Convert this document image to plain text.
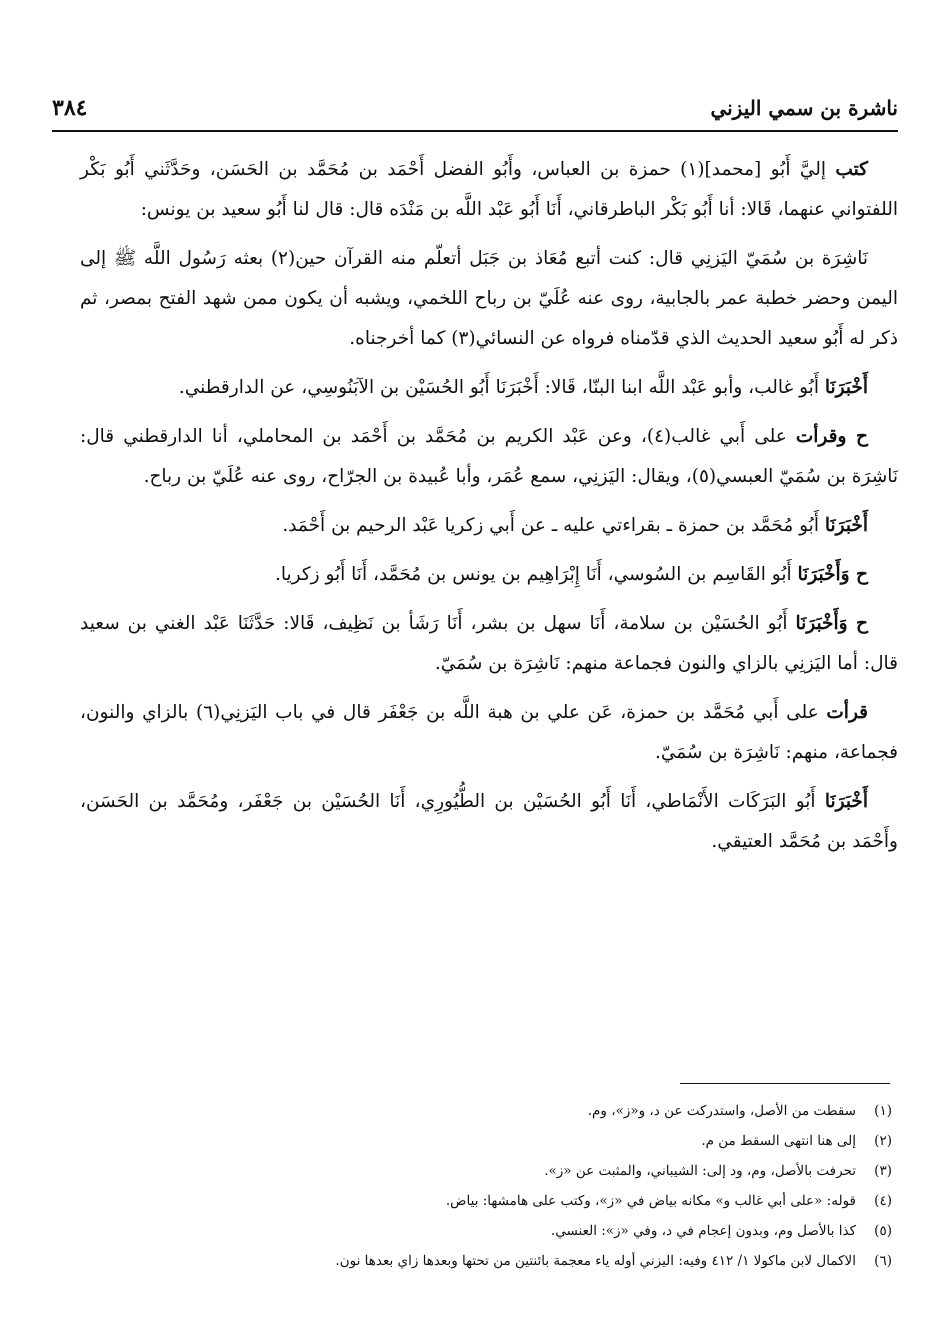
ناشرة بن سمي اليزني
٣٨٤

كتب إليَّ أَبُو [محمد](١) حمزة بن العباس، وأَبُو الفضل أَحْمَد بن مُحَمَّد بن الحَسَن، وحَدَّثَني أَبُو بَكْر اللفتواني عنهما، قَالا: أنا أَبُو بَكْر الباطرقاني، أَنَا أَبُو عَبْد اللَّه بن مَنْدَه قال: قال لنا أَبُو سعيد بن يونس:

نَاشِرَة بن سُمَيّ اليَزنِي قال: كنت أتبع مُعَاذ بن جَبَل أتعلّم منه القرآن حين(٢) بعثه رَسُول اللَّه ﷺ إلى اليمن وحضر خطبة عمر بالجابية، روى عنه عُلَيّ بن رباح اللخمي، ويشبه أن يكون ممن شهد الفتح بمصر، ثم ذكر له أَبُو سعيد الحديث الذي قدّمناه فرواه عن النسائي(٣) كما أخرجناه.

أَخْبَرَنَا أَبُو غالب، وأبو عَبْد اللَّه ابنا البنّا، قَالا: أَخْبَرَنَا أَبُو الحُسَيْن بن الآبَنُوسِي، عن الدارقطني.

ح وقرأت على أَبي غالب(٤)، وعن عَبْد الكريم بن مُحَمَّد بن أَحْمَد بن المحاملي، أنا الدارقطني قال: نَاشِرَة بن سُمَيّ العبسي(٥)، ويقال: اليَزنِي، سمع عُمَر، وأبا عُبيدة بن الجرّاح، روى عنه عُلَيّ بن رباح.

أَخْبَرَنَا أَبُو مُحَمَّد بن حمزة ـ بقراءتي عليه ـ عن أَبي زكريا عَبْد الرحيم بن أَحْمَد.

ح وَأَخْبَرَنَا أَبُو القَاسِم بن السُوسي، أَنَا إِبْرَاهِيم بن يونس بن مُحَمَّد، أَنَا أَبُو زكريا.

ح وَأَخْبَرَنَا أَبُو الحُسَيْن بن سلامة، أَنَا سهل بن بشر، أَنَا رَشَأ بن نَظِيف، قَالا: حَدَّثَنَا عَبْد الغني بن سعيد قال: أما اليَزنِي بالزاي والنون فجماعة منهم: نَاشِرَة بن سُمَيّ.

قرأت على أَبي مُحَمَّد بن حمزة، عَن علي بن هبة اللَّه بن جَعْفَر قال في باب اليَزنِي(٦) بالزاي والنون، فجماعة، منهم: نَاشِرَة بن سُمَيّ.

أَخْبَرَنَا أَبُو البَرَكَات الأَنْمَاطي، أَنَا أَبُو الحُسَيْن بن الطُّيُورِي، أَنَا الحُسَيْن بن جَعْفَر، ومُحَمَّد بن الحَسَن، وأَحْمَد بن مُحَمَّد العتيقي.

(١)
سقطت من الأصل، واستدركت عن د، و«ز»، وم.
(٢)
إلى هنا انتهى السقط من م.
(٣)
تحرفت بالأصل، وم، ود إلى: الشيباني، والمثبت عن «ز».
(٤)
قوله: «على أبي غالب و» مكانه بياض في «ز»، وكتب على هامشها: بياض.
(٥)
كذا بالأصل وم، وبدون إعجام في د، وفي «ز»: العنسي.
(٦)
الاكمال لابن ماكولا ١/ ٤١٢ وفيه: اليزني أوله ياء معجمة بائنتين من تحتها وبعدها زاي بعدها نون.
